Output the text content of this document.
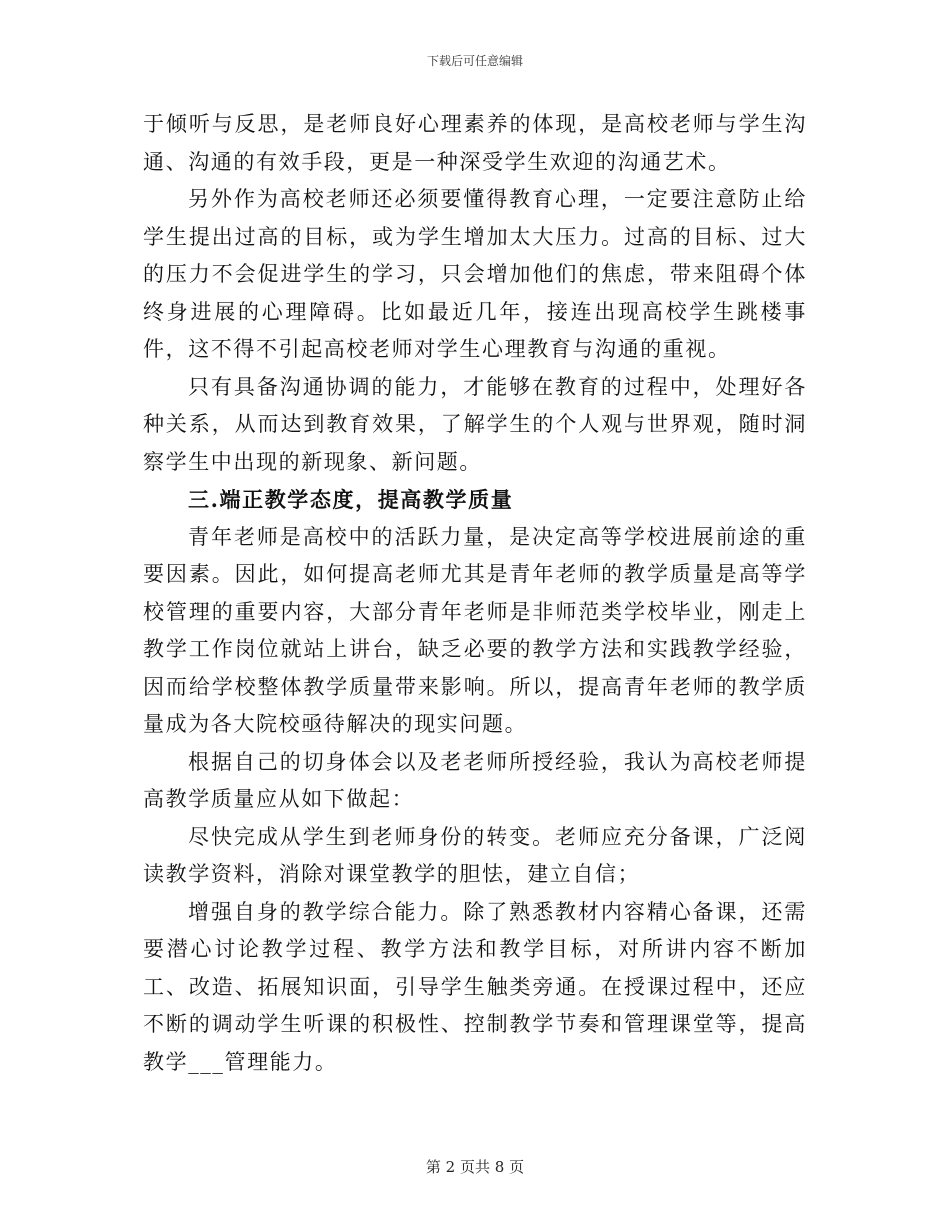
下载后可任意编辑

于倾听与反思，是老师良好心理素养的体现，是高校老师与学生沟通、沟通的有效手段，更是一种深受学生欢迎的沟通艺术。

另外作为高校老师还必须要懂得教育心理，一定要注意防止给学生提出过高的目标，或为学生增加太大压力。过高的目标、过大的压力不会促进学生的学习，只会增加他们的焦虑，带来阻碍个体终身进展的心理障碍。比如最近几年，接连出现高校学生跳楼事件，这不得不引起高校老师对学生心理教育与沟通的重视。

只有具备沟通协调的能力，才能够在教育的过程中，处理好各种关系，从而达到教育效果，了解学生的个人观与世界观，随时洞察学生中出现的新现象、新问题。

三.端正教学态度，提高教学质量

青年老师是高校中的活跃力量，是决定高等学校进展前途的重要因素。因此，如何提高老师尤其是青年老师的教学质量是高等学校管理的重要内容，大部分青年老师是非师范类学校毕业，刚走上教学工作岗位就站上讲台，缺乏必要的教学方法和实践教学经验，因而给学校整体教学质量带来影响。所以，提高青年老师的教学质量成为各大院校亟待解决的现实问题。

根据自己的切身体会以及老老师所授经验，我认为高校老师提高教学质量应从如下做起：

尽快完成从学生到老师身份的转变。老师应充分备课，广泛阅读教学资料，消除对课堂教学的胆怯，建立自信；

增强自身的教学综合能力。除了熟悉教材内容精心备课，还需要潜心讨论教学过程、教学方法和教学目标，对所讲内容不断加工、改造、拓展知识面，引导学生触类旁通。在授课过程中，还应不断的调动学生听课的积极性、控制教学节奏和管理课堂等，提高教学___管理能力。

第 2 页共 8 页
